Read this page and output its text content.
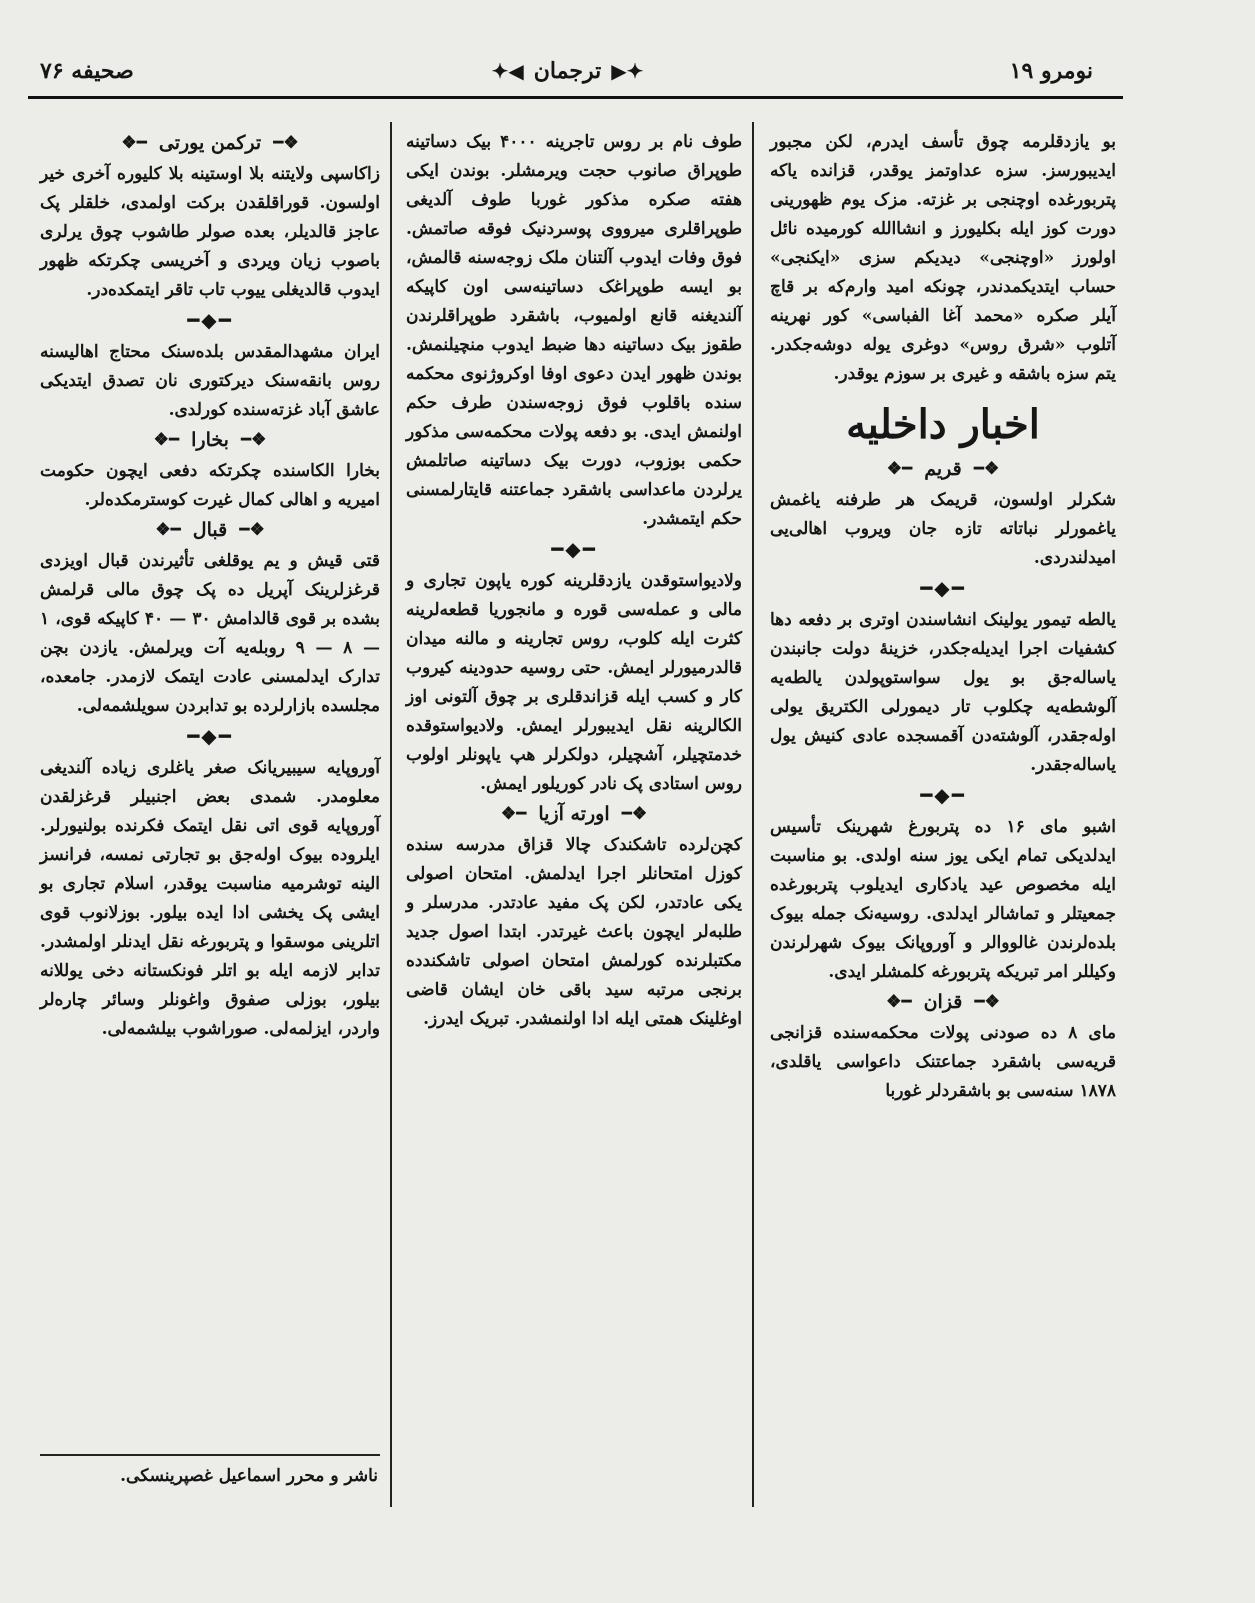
صحیفه ۷۶	✦▶
ترجمان
◀✦	نومرو ۱۹

بو یازدقلرمه چوق تأسف ایدرم، لکن مجبور ایدیبورسز. سزه عداوتمز یوقدر، قزانده یاکه پتربورغده اوچنجی بر غزته. مزک یوم ظهورینی دورت کوز ایله بکلیورز و انشاالله کورمیده نائل اولورز «اوچنجی» دیدیکم سزی «ایکنجی» حساب ایتدیکمدندر، چونکه امید وارم‌که بر قاچ آیلر صکره «محمد آغا الفباسی» کور نهرینه آتلوب «شرق روس» دوغری یوله دوشه‌جکدر. یتم سزه باشقه و غیری بر سوزم یوقدر.

اخبار داخلیه
❖━
قریم
━❖

شکرلر اولسون، قریمک هر طرفنه یاغمش یاغمورلر نباتاته تازه جان ویروب اهالی‌یی امیدلندردی.

━◆━

یالطه تیمور یولینک انشاسندن اوتری بر دفعه دها کشفیات اجرا ایدیله‌جکدر، خزینهٔ دولت جانبندن یاساله‌جق بو یول سواستوپولدن یالطه‌یه آلوشطه‌یه چکلوب تار دیمورلی الکتریق یولی اوله‌جقدر، آلوشته‌دن آقمسجده عادی کنیش یول یاساله‌جقدر.

━◆━

اشبو مای ۱۶ ده پتربورغ شهرینک تأسیس ایدلدیکی تمام ایکی یوز سنه اولدی. بو مناسبت ایله مخصوص عید یادکاری ایدیلوب پتربورغده جمعیتلر و تماشالر ایدلدی. روسیه‌نک جمله بیوک بلده‌لرندن غالووالر و آوروپانک بیوک شهرلرندن وکیللر امر تبریکه پتربورغه کلمشلر ایدی.

❖━
قزان
━❖

مای ۸ ده صودنی پولات محکمه‌سنده قزانجی قریه‌سی باشقرد جماعتنک داعواسی یاقلدی، ۱۸۷۸ سنه‌سی بو باشقردلر غوربا‌

طوف نام بر روس تاجرینه ۴۰۰۰ بیک دساتینه طوپراق صانوب حجت ویرمشلر. بوندن ایکی هفته صکره مذکور غوربا طوف آلدیغی طوپراقلری میرووی پوسردنیک فوقه صاتمش. فوق وفات ایدوب آلتنان ملک زوجه‌سنه قالمش، بو ایسه طوپراغک دساتینه‌سی اون کاپیکه آلندیغنه قانع او‌لمیوب، باشقرد طوپراقلرندن طقوز بیک دساتینه دها ضبط ایدوب منچیلنمش. بوندن ظهور ایدن دعوی اوفا اوکروژنوی محکمه سنده باقلوب فوق زوجه‌سندن طرف حکم اولنمش ایدی. بو دفعه پولات محکمه‌سی مذکور حکمی بوزوب، دورت بیک دساتینه صاتلمش یرلردن ماعداسی باشقرد جماعتنه قایتارلمسنی حکم ایتمشدر.

━◆━

ولادیواستوقدن یازدقلرینه کوره یاپون تجاری و مالی و عمله‌سی قوره و مانجوریا قطعه‌لرینه کثرت ایله کلوب، روس تجارینه و مالنه میدان قالدرمیورلر ایمش. حتی روسیه حدودینه کیروب کار و کسب ایله قزاندقلری بر چوق آلتونی اوز الکا‌لرینه نقل ایدیبورلر ایمش. ولادیواستوقده خدمتچیلر، آشچیلر، دولکرلر هپ یاپونلر اولوب روس استادی پک نادر کوریلور ایمش.

❖━
اورته آزیا
━❖

کچن‌لرده تاشکندک چالا قزاق مدرسه سنده کوزل امتحانلر اجرا ایدلمش. امتحان اصولی یکی عادتدر، لکن پک مفید عادتدر. مدرسلر و طلبه‌لر ایچون باعث غیرتدر. ابتدا اصول جدید مکتبلرنده کورلمش امتحان اصولی تاشکندده برنجی مرتبه سید باقی خان ایشان قاضی اوغلینک همتی ایله ادا اولنمشدر. تبریک ایدرز.

❖━
ترکمن یورتی
━❖

زاکاسپی ولایتنه بلا اوستینه بلا کلیوره آخری خیر اولسون. قوراقلقدن برکت اولمدی، خلقلر پک عاجز قالدیلر، بعده صولر طاشوب چوق یرلری باصوب زیان ویردی و آخریسی چکرتکه ظهور ایدوب قالدیغلی ییوب تاب تاقر ایتمکده‌در.

━◆━

ایران مشهدالمقدس بلده‌سنک محتاج اهالیسنه روس بانقه‌سنک دیرکتوری نان تصدق ایتدیکی عاشق آباد غزته‌سنده کورلدی.

❖━
بخارا
━❖

بخارا الکاسنده چکرتکه دفعی ایچون حکومت امیریه و اهالی کمال غیرت کوسترمکده‌لر.

❖━
قبال
━❖

قتی قیش و یم یوقلغی تأثیرندن قبال اویزدی قرغزلرینک آپریل ده پک چوق مالی قرلمش بشده بر قوی قالدامش ۳۰ — ۴۰ کاپیکه قوی، ۱ — ۸ — ۹ روبله‌یه آت ویرلمش. یازدن بچن تدارک ایدلمسنی عادت ایتمک لازمدر. جامعده، مجلسده بازارلرده بو تدابردن سویلشمه‌لی.

━◆━

آوروپایه سیبیریانک صغر یاغلری زیاده آلندیغی معلومدر. شمدی بعض اجنبیلر قرغزلقدن آوروپایه قوی اتی نقل ایتمک فکرنده بولنیورلر. ایلروده بیوک اوله‌جق بو تجارتی نمسه، فرانسز الینه توشرمیه مناسبت یوقدر، اسلام تجاری بو ایشی پک یخشی ادا ایده بیلور. بوزلانوب قوی اتلرینی موسقوا و پتربورغه نقل ایدنلر اولمشدر. تدابر لازمه ایله بو اتلر فونکستانه دخی یوللانه بیلور، بوزلی صفوق واغونلر وسائر چاره‌لر واردر، ایزلمه‌لی. صوراشوب بیلشمه‌لی.

ناشر و محرر اسماعیل غصپرینسکی.
